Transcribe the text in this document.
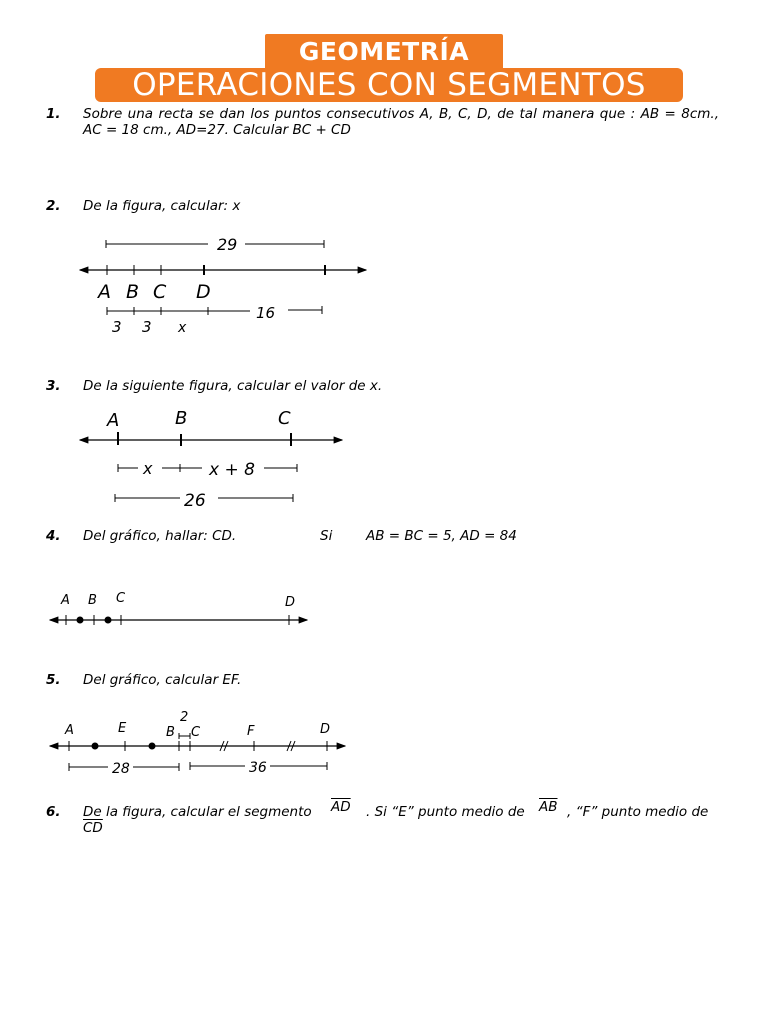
GEOMETRÍA
OPERACIONES CON SEGMENTOS
1. Sobre una recta se dan los puntos consecutivos A, B, C, D, de tal manera que : AB = 8cm., AC = 18 cm., AD=27. Calcular BC + CD
2. De la figura, calcular: x
3. De la siguiente figura, calcular el valor de x.
4. Del gráfico, hallar: CD.	Si AB = BC = 5, AD = 84
5. Del gráfico, calcular EF.
6. De la figura, calcular el segmento $\overline{AD}$ . Si “E” punto medio de $\overline{AB}$ , “F” punto medio de
$\overline{CD}$
29
A B C D
16
3 3 x
A	B	C
x	x + 8
26
A B C	D
A	E	B C	F	D
2
28	36
